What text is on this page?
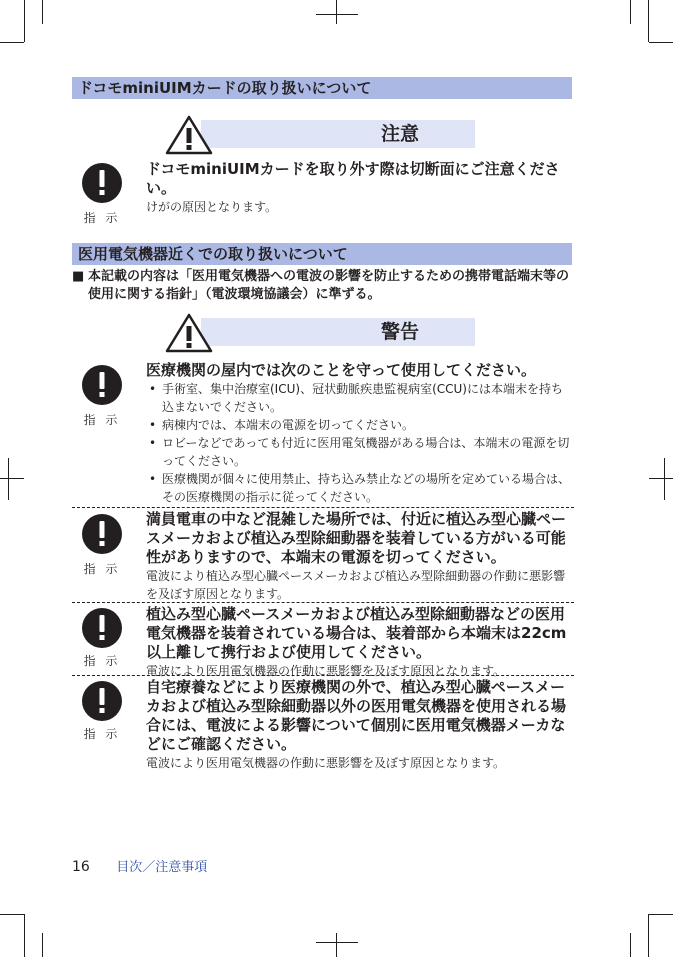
ドコモminiUIMカードの取り扱いについて
注意
指 示

ドコモminiUIMカードを取り外す際は切断面にご注意ください。

けがの原因となります。

医用電気機器近くでの取り扱いについて
■ 本記載の内容は「医用電気機器への電波の影響を防止するための携帯電話端末等の使用に関する指針」（電波環境協議会）に準ずる。
警告
指 示

医療機関の屋内では次のことを守って使用してください。

• 手術室、集中治療室(ICU)、冠状動脈疾患監視病室(CCU)には本端末を持ち込まないでください。
• 病棟内では、本端末の電源を切ってください。
• ロビーなどであっても付近に医用電気機器がある場合は、本端末の電源を切ってください。
• 医療機関が個々に使用禁止、持ち込み禁止などの場所を定めている場合は、その医療機関の指示に従ってください。
指 示

満員電車の中など混雑した場所では、付近に植込み型心臓ペースメーカおよび植込み型除細動器を装着している方がいる可能性がありますので、本端末の電源を切ってください。

電波により植込み型心臓ペースメーカおよび植込み型除細動器の作動に悪影響を及ぼす原因となります。

指 示

植込み型心臓ペースメーカおよび植込み型除細動器などの医用電気機器を装着されている場合は、装着部から本端末は22cm以上離して携行および使用してください。

電波により医用電気機器の作動に悪影響を及ぼす原因となります。

指 示

自宅療養などにより医療機関の外で、植込み型心臓ペースメーカおよび植込み型除細動器以外の医用電気機器を使用される場合には、電波による影響について個別に医用電気機器メーカなどにご確認ください。

電波により医用電気機器の作動に悪影響を及ぼす原因となります。

16 目次／注意事項
